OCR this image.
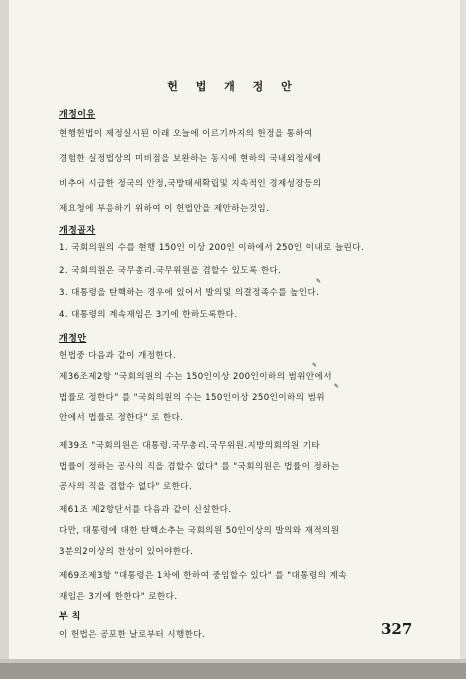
헌 법 개 정 안
개정이유
현행헌법이 제정실시된 이래 오늘에 이르기까지의 헌정을 통하여
경험한 실정법상의 미비점을 보완하는 동시에 현하의 국내외정세에
비추어 시급한 정국의 안정,국방태세확립및 지속적인 경제성장등의
제요청에 부응하기 위하여 이 헌법안을 제안하는것임.
개정골자
1. 국회의원의 수를 현행 150인 이상 200인 이하에서 250인 이내로 늘린다.
2. 국회의원은 국무총리.국무위원을 겸할수 있도록 한다.
3. 대통령을 탄핵하는 경우에 있어서 발의및 의결정족수를 높인다.
4. 대통령의 계속재임은 3기에 한하도록한다.
개정안
헌법중 다음과 같이 개정한다.
제36조제2항 "국회의원의 수는 150인이상 200인이하의 범위안에서
법률로 정한다" 를 "국회의원의 수는 150인이상 250인이하의 범위
안에서 법률로 정한다" 로 한다.
제39조 "국회의원은 대통령.국무총리.국무위원.지방의회의원 기타
법률이 정하는 공사의 직을 겸할수 없다" 를 "국회의원은 법률이 정하는
공사의 직을 겸할수 없다" 로한다.
제61조 제2항단서를 다음과 같이 신설한다.
다만, 대통령에 대한 탄핵소추는 국회의원 50인이상의 발의와 재적의원
3분의2이상의 찬성이 있어야한다.
제69조제3항 "대통령은 1차에 한하여 중임할수 있다" 를 "대통령의 계속
재임은 3기에 한한다" 로한다.
부 칙
이 헌법은 공포한 날로부터 시행한다.
✎
✎
✎
327
